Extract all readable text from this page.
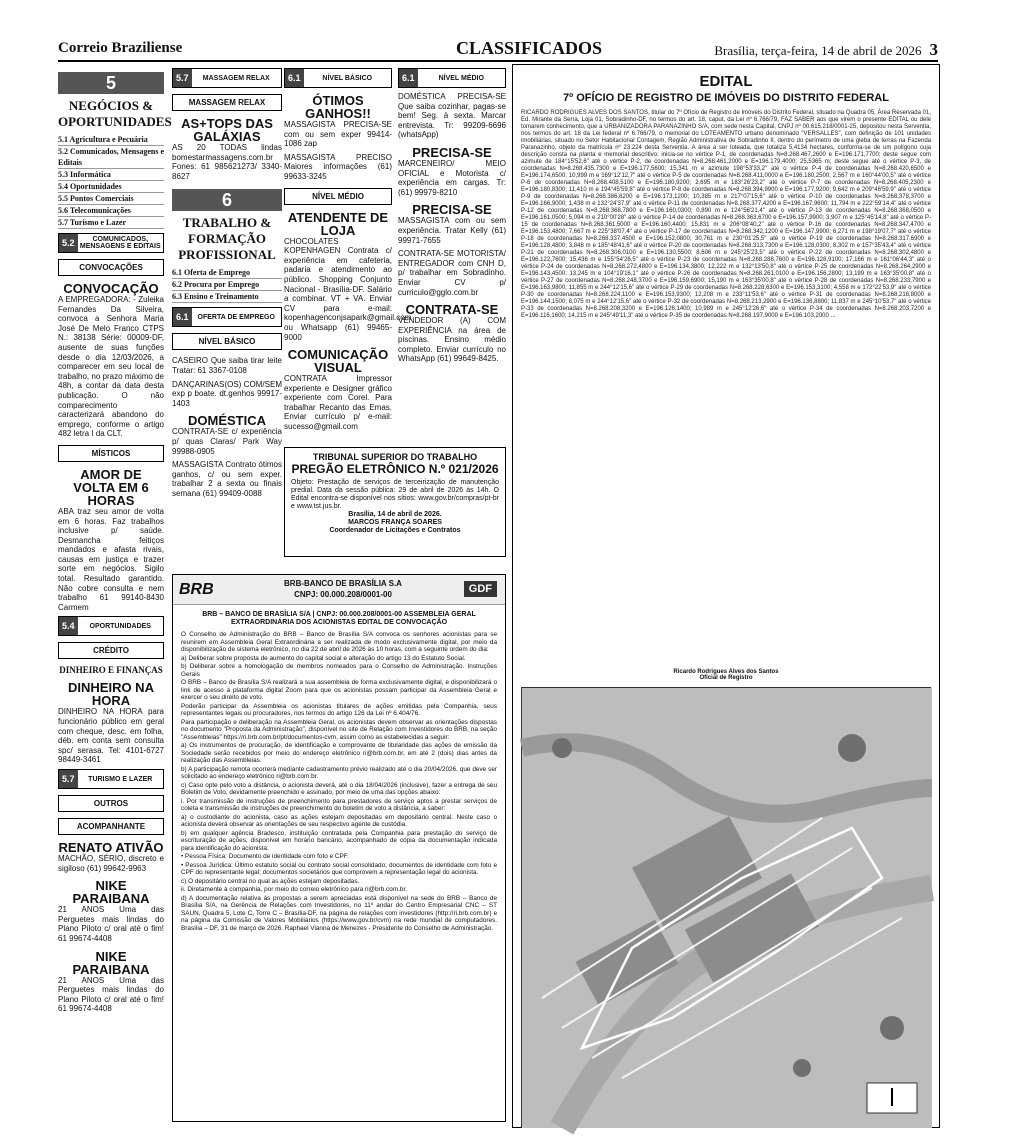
Correio Braziliense	CLASSIFICADOS	Brasília, terça-feira, 14 de abril de 2026 3
5
NEGÓCIOS & OPORTUNIDADES
5.1 Agricultura e Pecuária
5.2 Comunicados, Mensagens e Editais
5.3 Informática
5.4 Oportunidades
5.5 Pontos Comerciais
5.6 Telecomunicações
5.7 Turismo e Lazer
5.2	COMUNICADOS, MENSAGENS E EDITAIS
CONVOCAÇÕES
CONVOCAÇÃO
A EMPREGADORA: - Zuleika Fernandes Da Silveira, convoca a Senhora Maria José De Melo Franco CTPS N.: 38138 Série: 00009-DF, ausente de suas funções desde o dia 12/03/2026, a comparecer em seu local de trabalho, no prazo máximo de 48h, a contar da data desta publicação. O não comparecimento caracterizará abandono do emprego, conforme o artigo 482 letra I da CLT.
MÍSTICOS
AMOR DE VOLTA EM 6 HORAS
ABA traz seu amor de volta em 6 horas. Faz trabalhos inclusive p/ saúde. Desmancha feitiços mandados e afasta rivais, causas em justiça e trazer sorte em negócios. Sigilo total. Resultado garantido. Não cobre consulta e nem trabalho 61 99140-8430 Carmem
5.4	OPORTUNIDADES
CRÉDITO
DINHEIRO E FINANÇAS
DINHEIRO NA HORA
DINHEIRO NA HORA para funcionário público em geral com cheque, desc. em folha, déb. em conta sem consulta spc/ serasa. Tel: 4101-6727 98449-3461
5.7	TURISMO E LAZER
OUTROS
ACOMPANHANTE
RENATO ATIVÃO
MACHÃO, SÉRIO, discreto e sigiloso (61) 99642-9963
NIKE PARAIBANA
21 ANOS Uma das Perguetes mais lindas do Plano Piloto c/ oral até o fim! 61 99674-4408
NIKE PARAIBANA
21 ANOS Uma das Perguetes mais lindas do Plano Piloto c/ oral até o fim! 61 99674-4408
5.7	MASSAGEM RELAX
MASSAGEM RELAX
AS+TOPS DAS GALÁXIAS
AS 20 TODAS lindas bomestarmassagens.com.br Fones: 61 985621273/ 3340-8627
6
TRABALHO & FORMAÇÃO PROFISSIONAL
6.1 Oferta de Emprego
6.2 Procura por Emprego
6.3 Ensino e Treinamento
6.1	OFERTA DE EMPREGO
NÍVEL BÁSICO
CASEIRO Que saiba tirar leite Tratar: 61 3367-0108
DANÇARINAS(OS) COM/SEM exp p boate. dt.genhos 99917-1403
DOMÉSTICA
CONTRATA-SE c/ experiência p/ quas Claras/ Park Way 99988-0905
MASSAGISTA Contrato ótimos ganhos, c/ ou sem exper. trabalhar 2 a sexta ou finais semana (61) 99409-0088
6.1	NÍVEL BÁSICO
ÓTIMOS GANHOS!!
MASSAGISTA PRECISA-SE com ou sem exper 99414-1086 zap
MASSAGISTA PRECISO Maiores informações (61) 99633-3245
NÍVEL MÉDIO
ATENDENTE DE LOJA
CHOCOLATES KOPENHAGEN Contrata c/ experiência em cafeteria, padaria e atendimento ao público. Shopping Conjunto Nacional - Brasília-DF. Salário a combinar. VT + VA. Enviar CV para e-mail: kopenhagenconjsapark@gmail.com ou Whatsapp (61) 99465-9000
COMUNICAÇÃO VISUAL
CONTRATA Impressor experiente e Designer gráfico experiente com Corel. Para trabalhar Recanto das Emas. Enviar currículo p/ e-mail: sucesso@gmail.com
6.1	NÍVEL MÉDIO
DOMÉSTICA PRECISA-SE Que saiba cozinhar, pagas-se bem! Seg. à sexta. Marcar entrevista. Tr: 99209-6696 (whatsApp)
PRECISA-SE
MARCENEIRO/ MEIO OFICIAL e Motorista c/ experiência em cargas. Tr: (61) 99979-8210
PRECISA-SE
MASSAGISTA com ou sem experiência. Tratar Kelly (61) 99971-7655
CONTRATA-SE MOTORISTA/ ENTREGADOR com CNH D, p/ trabalhar em Sobradinho. Enviar CV p/ curriculo@gglo.com.br
CONTRATA-SE
VENDEDOR (A) COM EXPERIÊNCIA na área de piscinas. Ensino médio completo. Enviar currículo no WhatsApp (61) 99649-8425.
TRIBUNAL SUPERIOR DO TRABALHO
PREGÃO ELETRÔNICO N.º 021/2026

Objeto: Prestação de serviços de terceirização de manutenção predial. Data da sessão pública: 29 de abril de 2026 às 14h. O Edital encontra-se disponível nos sítios: www.gov.br/compras/pt-br e www.tst.jus.br.

Brasília, 14 de abril de 2026.

MARCOS FRANÇA SOARES

Coordenador de Licitações e Contratos

BRB	BRB-BANCO DE BRASÍLIA S.A
CNPJ: 00.000.208/0001-00	GDF
BRB – BANCO DE BRASÍLIA S/A | CNPJ: 00.000.208/0001-00 ASSEMBLEIA GERAL EXTRAORDINÁRIA DOS ACIONISTAS EDITAL DE CONVOCAÇÃO

O Conselho de Administração do BRB – Banco de Brasília S/A convoca os senhores acionistas para se reunirem em Assembleia Geral Extraordinária a ser realizada de modo exclusivamente digital, por meio da disponibilização de sistema eletrônico, no dia 22 de abril de 2026 às 10 horas, com a seguinte ordem do dia:

a) Deliberar sobre proposta de aumento do capital social e alteração do artigo 13 do Estatuto Social.

b) Deliberar sobre a homologação de membros nomeados para o Conselho de Administração. Instruções Gerais

O BRB – Banco de Brasília S/A realizará a sua assembleia de forma exclusivamente digital, e disponibilizará o link de acesso à plataforma digital Zoom para que os acionistas possam participar da Assembleia Geral e exercer o seu direito de voto.

Poderão participar da Assembleia os acionistas titulares de ações emitidas pela Companhia, seus representantes legais ou procuradores, nos termos do artigo 126 da Lei nº 6.404/76.

Para participação e deliberação na Assembleia Geral, os acionistas devem observar as orientações dispostas no documento "Proposta da Administração", disponível no site de Relação com Investidores do BRB, na seção "Assembleias" https://ri.brb.com.br/pt/documentos-cvm, assim como as estabelecidas a seguir:

a) Os instrumentos de procuração, de identificação e comprovante de titularidade das ações de emissão da Sociedade serão recebidos por meio do endereço eletrônico ri@brb.com.br, em até 2 (dois) dias antes da realização das Assembleias.

b) A participação remota ocorrerá mediante cadastramento prévio realizado até o dia 20/04/2026, que deve ser solicitado ao endereço eletrônico ri@brb.com.br.

c) Caso opte pelo voto a distância, o acionista deverá, até o dia 18/04/2026 (inclusive), fazer a entrega de seu Boletim de Voto, devidamente preenchido e assinado, por meio de uma das opções abaixo:

i. Por transmissão de instruções de preenchimento para prestadores de serviço aptos a prestar serviços de coleta e transmissão de instruções de preenchimento do boletim de voto a distância, a saber:

a) o custodiante do acionista, caso as ações estejam depositadas em depositário central. Neste caso o acionista deverá observar as orientações de seu respectivo agente de custódia.

b) em qualquer agência Bradesco, instituição contratada pela Companhia para prestação do serviço de escrituração de ações, disponível em horário bancário, acompanhado de cópia da documentação indicada para identificação do acionista:

• Pessoa Física: Documento de identidade com foto e CPF.

• Pessoa Jurídica: Último estatuto social ou contrato social consolidado; documentos de identidade com foto e CPF do representante legal; documentos societários que comprovem a representação legal do acionista.

c) O depositário central no qual as ações estejam depositadas.

ii. Diretamente à companhia, por meio do correio eletrônico para ri@brb.com.br.

d) A documentação relativa às propostas a serem apreciadas está disponível na sede do BRB – Banco de Brasília S/A, na Gerência de Relações com Investidores, no 11º andar do Centro Empresarial CNC – ST SAUN, Quadra 5, Lote C, Torre C – Brasília-DF, na página de relações com investidores (http://ri.brb.com.br) e na página da Comissão de Valores Mobiliários (https://www.gov.br/cvm) na rede mundial de computadores. Brasília – DF, 31 de março de 2026. Raphael Vianna de Menezes - Presidente do Conselho de Administração.

EDITAL
7º OFÍCIO DE REGISTRO DE IMÓVEIS DO DISTRITO FEDERAL
RICARDO RODRIGUES ALVES DOS SANTOS, titular do 7º Ofício de Registro de Imóveis do Distrito Federal, situado na Quadra 05, Área Reservada 01, Ed. Mirante da Serra, Loja 01, Sobradinho-DF, no termos do art. 18, caput, da Lei nº 6.766/79, FAZ SABER aos que virem o presente EDITAL ou dele tomarem conhecimento, que a URBANIZADORA PARANAZINHO S/A, com sede nesta Capital, CNPJ nº 00.615.218/0001-25, depositou nesta Serventia, nos termos do art. 18 da Lei federal nº 6.766/79, o memorial do LOTEAMENTO urbano denominado "VERSALLES", com definição de 101 unidades imobiliárias, situado no Setor Habitacional Contagem, Região Administrativa de Sobradinho II, dentro do perímetro de uma gleba de terras na Fazenda Paranazinho, objeto da matrícula nº 23.224 desta Serventia. A área a ser loteada, que totaliza 5,4134 hectares, conforma-se de um polígono cuja descrição consta na planta e memorial descritivo: inicia-se no vértice P-1, de coordenadas N=8.268.467,2600 e E=196.171,7700; deste segue com azimute de 184°15'52,6" até o vértice P-2, de coordenadas N=8.268.461,2000 e E=196.179,4000; 25,5365 m; deste segue até o vértice P-3, de coordenadas N=8.268.435,7300 e E=196.177,5600; 15,341 m e azimute 198°53'33,2" até o vértice P-4 de coordenadas N=8.268.420,6500 e E=196.174,6500; 10,999 m e 169°12'12,7" até o vértice P-5 de coordenadas N=8.268.411,0000 e E=196.180,2500; 2,567 m e 160°44'00,5" até o vértice P-6 de coordenadas N=8.268.408,5100 e E=196.180,9200; 2,695 m e 183°26'23,2" até o vértice P-7 de coordenadas N=8.268.405,2300 e E=196.180,8300; 11,410 m e 194°45'59,8" até o vértice P-8 de coordenadas N=8.268.394,9900 e E=196.177,9200; 9,642 m e 209°46'59,9" até o vértice P-9 de coordenadas N=8.268.386,6200 e E=196.173,1200; 10,385 m e 217°07'15,6" até o vértice P-10 de coordenadas N=8.268.378,3700 e E=196.166,9000; 1,438 m e 132°24'37,9" até o vértice P-11 de coordenadas N=8.268.377,4200 e E=196.167,9600; 11,794 m e 222°59'14,4" até o vértice P-12 de coordenadas N=8.268.368,7800 e E=196.160,0300; 0,890 m e 124°56'21,4" até o vértice P-13 de coordenadas N=8.268.368,0500 e E=196.161,0500; 5,094 m e 210°00'28" até o vértice P-14 de coordenadas N=8.268.363,6700 e E=196.157,9900; 3,907 m e 125°45'14,8" até o vértice P-15 de coordenadas N=8.268.361,5000 e E=196.160,4400; 15,831 m e 206°08'40,2" até o vértice P-16 de coordenadas N=8.268.347,4700 e E=196.153,4800; 7,667 m e 225°38'07,4" até o vértice P-17 de coordenadas N=8.268.342,1200 e E=196.147,9900; 6,271 m e 198°19'07,7" até o vértice P-18 de coordenadas N=8.268.337,4500 e E=196.152,0800; 30,761 m e 230°01'25,5" até o vértice P-19 de coordenadas N=8.268.317,6900 e E=196.128,4800; 3,848 m e 185°48'41,6" até o vértice P-20 de coordenadas N=8.268.313,7300 e E=196.128,0300; 8,302 m e 157°35'43,4" até o vértice P-21 de coordenadas N=8.268.306,0100 e E=196.130,5500; 8,606 m e 245°25'23,5" até o vértice P-22 de coordenadas N=8.268.302,4800 e E=196.122,7600; 15,436 m e 155°54'26,5" até o vértice P-23 de coordenadas N=8.268.288,7600 e E=196.128,9100; 17,166 m e 161°06'44,3" até o vértice P-24 de coordenadas N=8.268.272,4800 e E=196.134,3800; 12,222 m e 132°13'50,8" até o vértice P-25 de coordenadas N=8.268.264,2900 e E=196.143,4500; 13,245 m e 104°19'16,1" até o vértice P-26 de coordenadas N=8.268.261,0100 e E=196.156,2800; 13,199 m e 163°35'00,8" até o vértice P-27 de coordenadas N=8.268.248,3700 e E=196.159,6900; 15,190 m e 163°35'00,8" até o vértice P-28 de coordenadas N=8.268.233,7900 e E=196.163,9800; 11,855 m e 244°12'15,6" até o vértice P-29 de coordenadas N=8.268.228,6300 e E=196.153,3100; 4,558 m e 172°22'53,9" até o vértice P-30 de coordenadas N=8.268.224,1100 e E=196.153,9300; 12,208 m e 233°11'53,6" até o vértice P-31 de coordenadas N=8.268.216,8000 e E=196.144,1500; 8,075 m e 244°12'15,6" até o vértice P-32 de coordenadas N=8.268.213,2900 e E=196.136,8800; 11,837 m e 245°10'53,7" até o vértice P-33 de coordenadas N=8.268.208,3200 e E=196.126,1400; 10,989 m e 245°12'26,6" até o vértice P-34 de coordenadas N=8.268.203,7200 e E=196.116,1600; 14,215 m e 245°49'11,3" até o vértice P-35 de coordenadas N=8.268.197,9000 e E=196.103,2000 ...
Ricardo Rodrigues Alves dos Santos
Oficial de Registro
